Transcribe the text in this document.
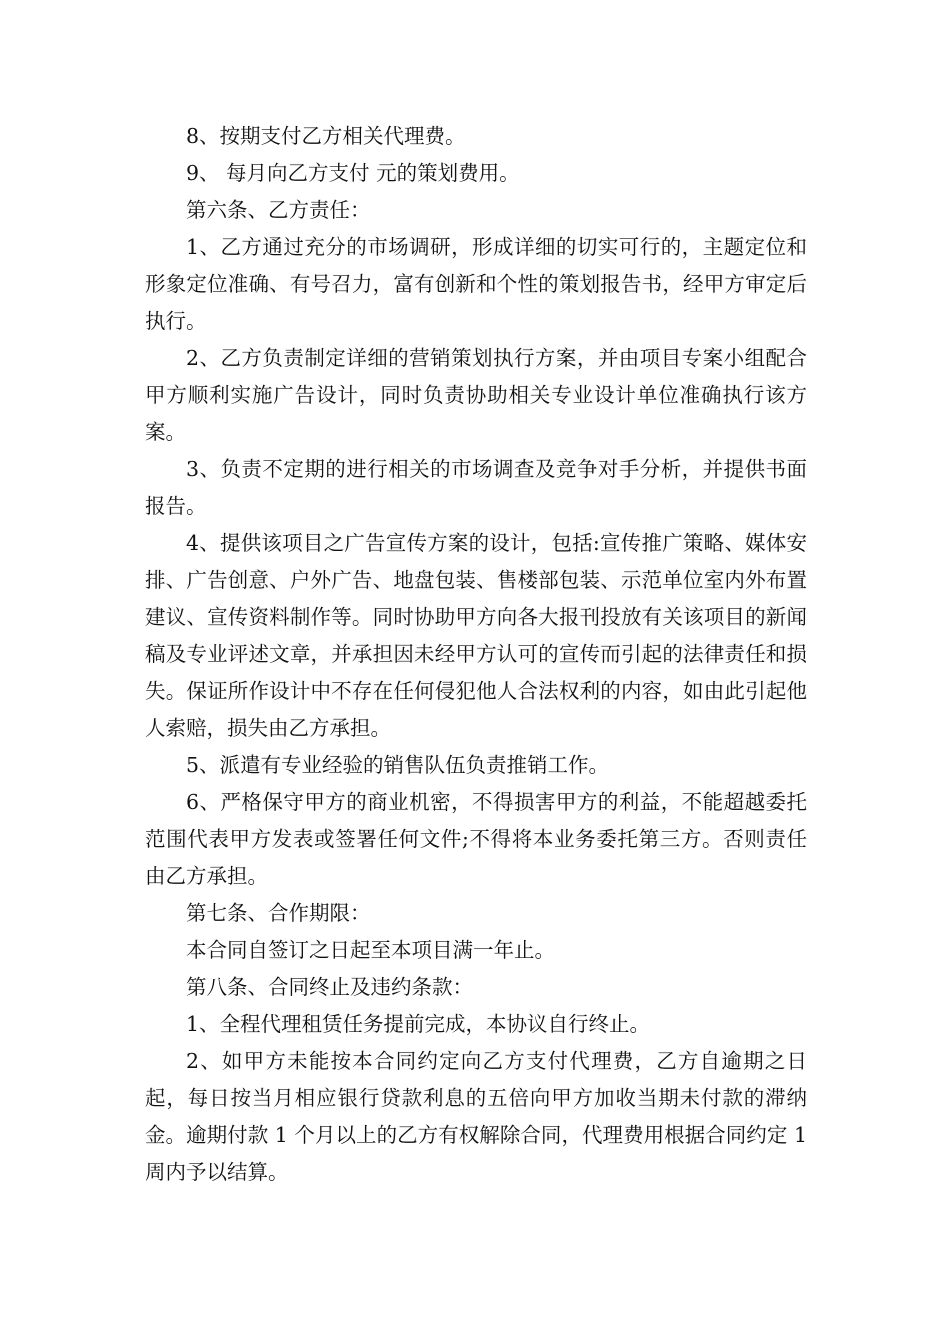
8、按期支付乙方相关代理费。

9、 每月向乙方支付 元的策划费用。

第六条、乙方责任：

1、乙方通过充分的市场调研，形成详细的切实可行的，主题定位和形象定位准确、有号召力，富有创新和个性的策划报告书，经甲方审定后执行。

2、乙方负责制定详细的营销策划执行方案，并由项目专案小组配合甲方顺利实施广告设计，同时负责协助相关专业设计单位准确执行该方案。

3、负责不定期的进行相关的市场调查及竞争对手分析，并提供书面报告。

4、提供该项目之广告宣传方案的设计，包括:宣传推广策略、媒体安排、广告创意、户外广告、地盘包装、售楼部包装、示范单位室内外布置建议、宣传资料制作等。同时协助甲方向各大报刊投放有关该项目的新闻稿及专业评述文章，并承担因未经甲方认可的宣传而引起的法律责任和损失。保证所作设计中不存在任何侵犯他人合法权利的内容，如由此引起他人索赔，损失由乙方承担。

5、派遣有专业经验的销售队伍负责推销工作。

6、严格保守甲方的商业机密，不得损害甲方的利益，不能超越委托范围代表甲方发表或签署任何文件;不得将本业务委托第三方。否则责任由乙方承担。

第七条、合作期限：

本合同自签订之日起至本项目满一年止。

第八条、合同终止及违约条款：

1、全程代理租赁任务提前完成，本协议自行终止。

2、如甲方未能按本合同约定向乙方支付代理费，乙方自逾期之日起，每日按当月相应银行贷款利息的五倍向甲方加收当期未付款的滞纳金。逾期付款 1 个月以上的乙方有权解除合同，代理费用根据合同约定 1 周内予以结算。
